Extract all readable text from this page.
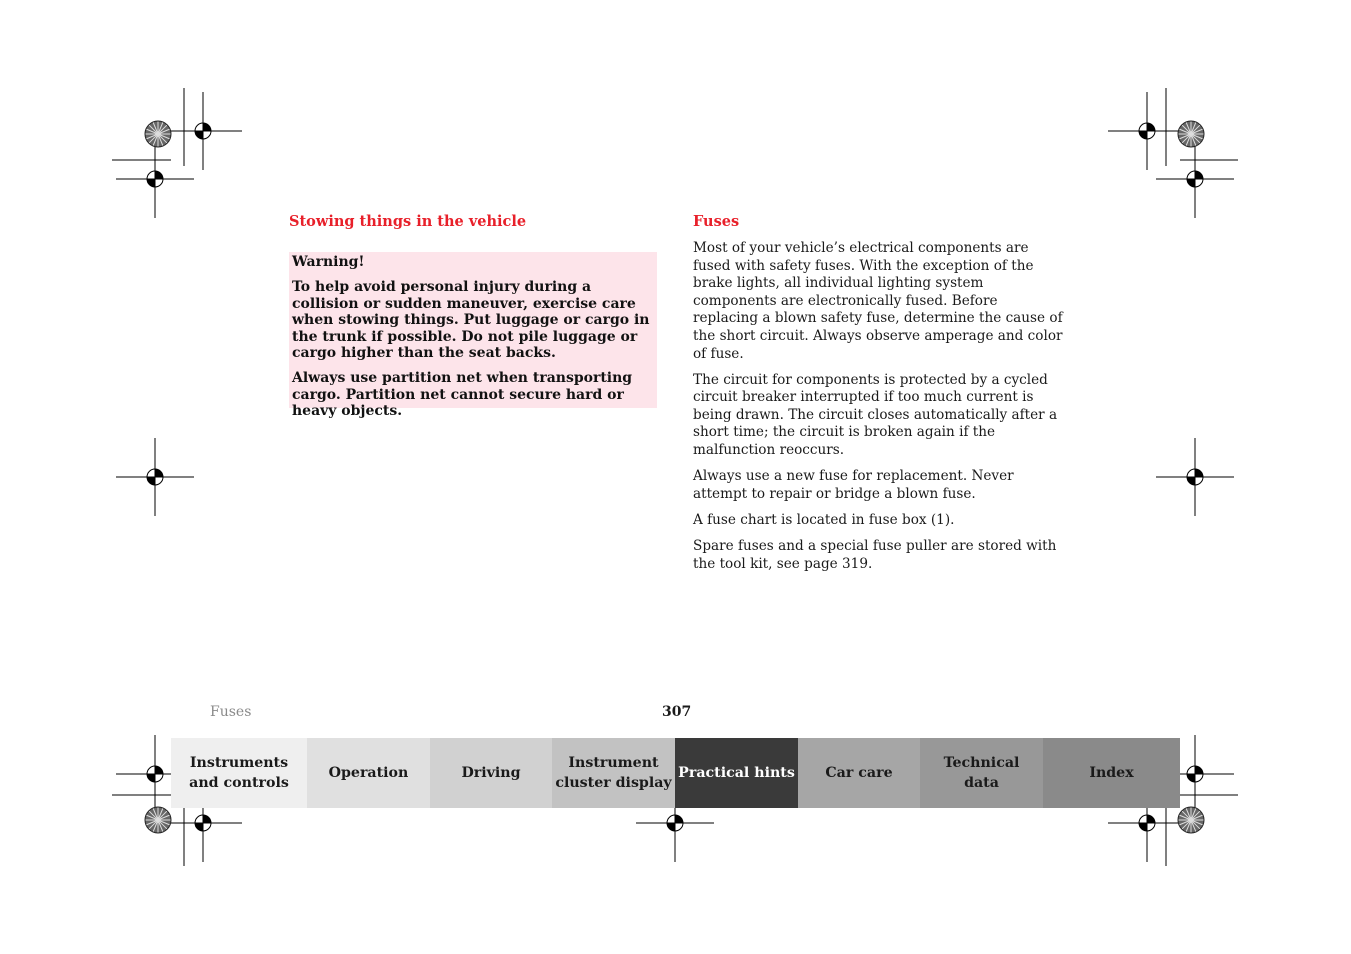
Stowing things in the vehicle

Warning!

To help avoid personal injury during a collision or sudden maneuver, exercise care when stowing things. Put luggage or cargo in the trunk if possible. Do not pile luggage or cargo higher than the seat backs.

Always use partition net when transporting cargo. Partition net cannot secure hard or heavy objects.

Fuses

Most of your vehicle’s electrical components are fused with safety fuses. With the exception of the brake lights, all individual lighting system components are electronically fused. Before replacing a blown safety fuse, determine the cause of the short circuit. Always observe amperage and color of fuse.

The circuit for components is protected by a cycled circuit breaker interrupted if too much current is being drawn. The circuit closes automatically after a short time; the circuit is broken again if the malfunction reoccurs.

Always use a new fuse for replacement. Never attempt to repair or bridge a blown fuse.

A fuse chart is located in fuse box (1).

Spare fuses and a special fuse puller are stored with the tool kit, see page 319.

Fuses	307
Instruments
and controls
Operation	Driving
Instrument
cluster display
Practical hints	Car care
Technical
data
Index
